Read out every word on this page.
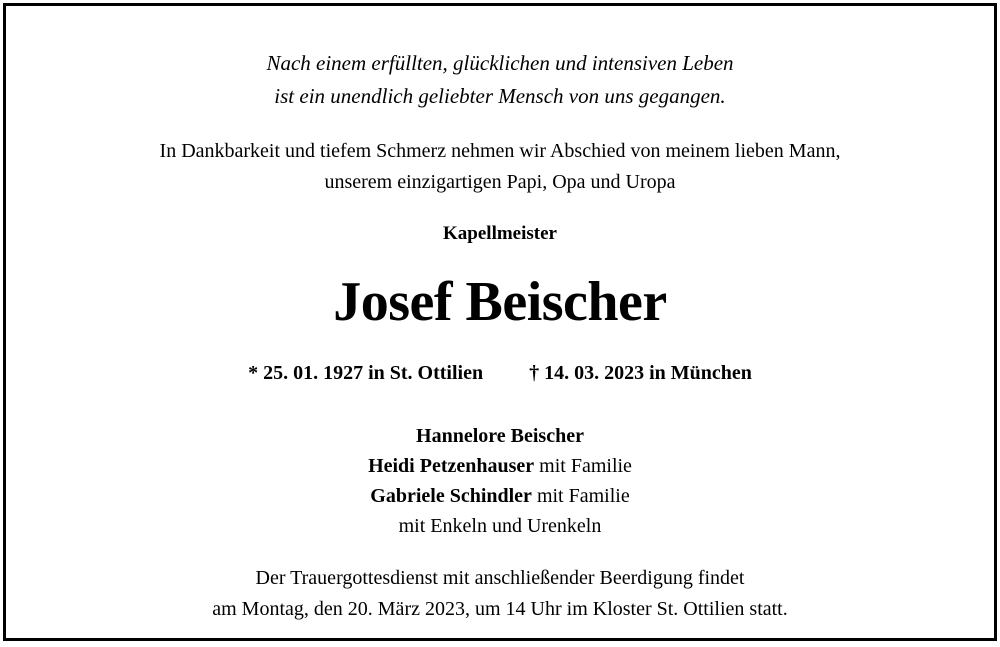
Nach einem erfüllten, glücklichen und intensiven Leben
ist ein unendlich geliebter Mensch von uns gegangen.
In Dankbarkeit und tiefem Schmerz nehmen wir Abschied von meinem lieben Mann,
unserem einzigartigen Papi, Opa und Uropa
Kapellmeister
Josef Beischer
* 25. 01. 1927 in St. Ottilien † 14. 03. 2023 in München
Hannelore Beischer
Heidi Petzenhauser mit Familie
Gabriele Schindler mit Familie
mit Enkeln und Urenkeln
Der Trauergottesdienst mit anschließender Beerdigung findet
am Montag, den 20. März 2023, um 14 Uhr im Kloster St. Ottilien statt.
